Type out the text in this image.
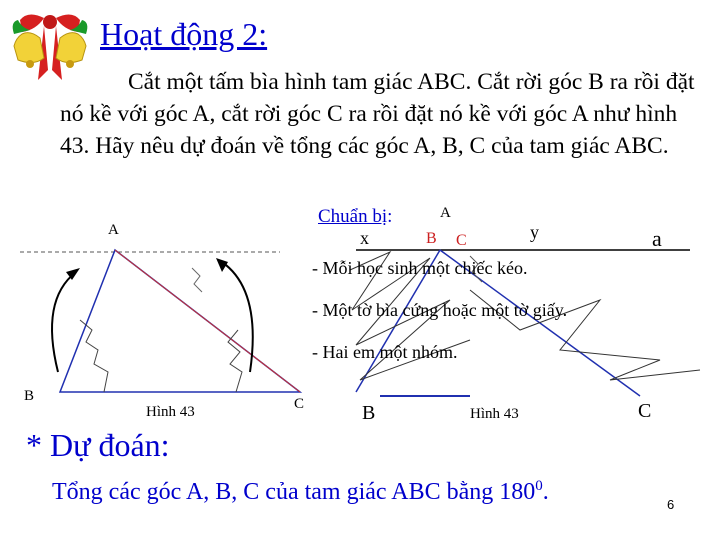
Hoạt động 2:
Cắt một tấm bìa hình tam giác ABC. Cắt rời góc B ra rồi đặt nó kề với góc A, cắt rời góc C ra rồi đặt nó kề với góc A như hình 43. Hãy nêu dự đoán về tổng các góc A, B, C của tam giác ABC.
A
B	C
Hình 43
A
Chuẩn bị:
x	B C	y	a
- Mỗi học sinh một chiếc kéo.
- Một tờ bìa cứng hoặc một tờ giấy.
- Hai em một nhóm.
B	Hình 43	C
* Dự đoán:
Tổng các góc A, B, C của tam giác ABC bằng $180^0$.	6
